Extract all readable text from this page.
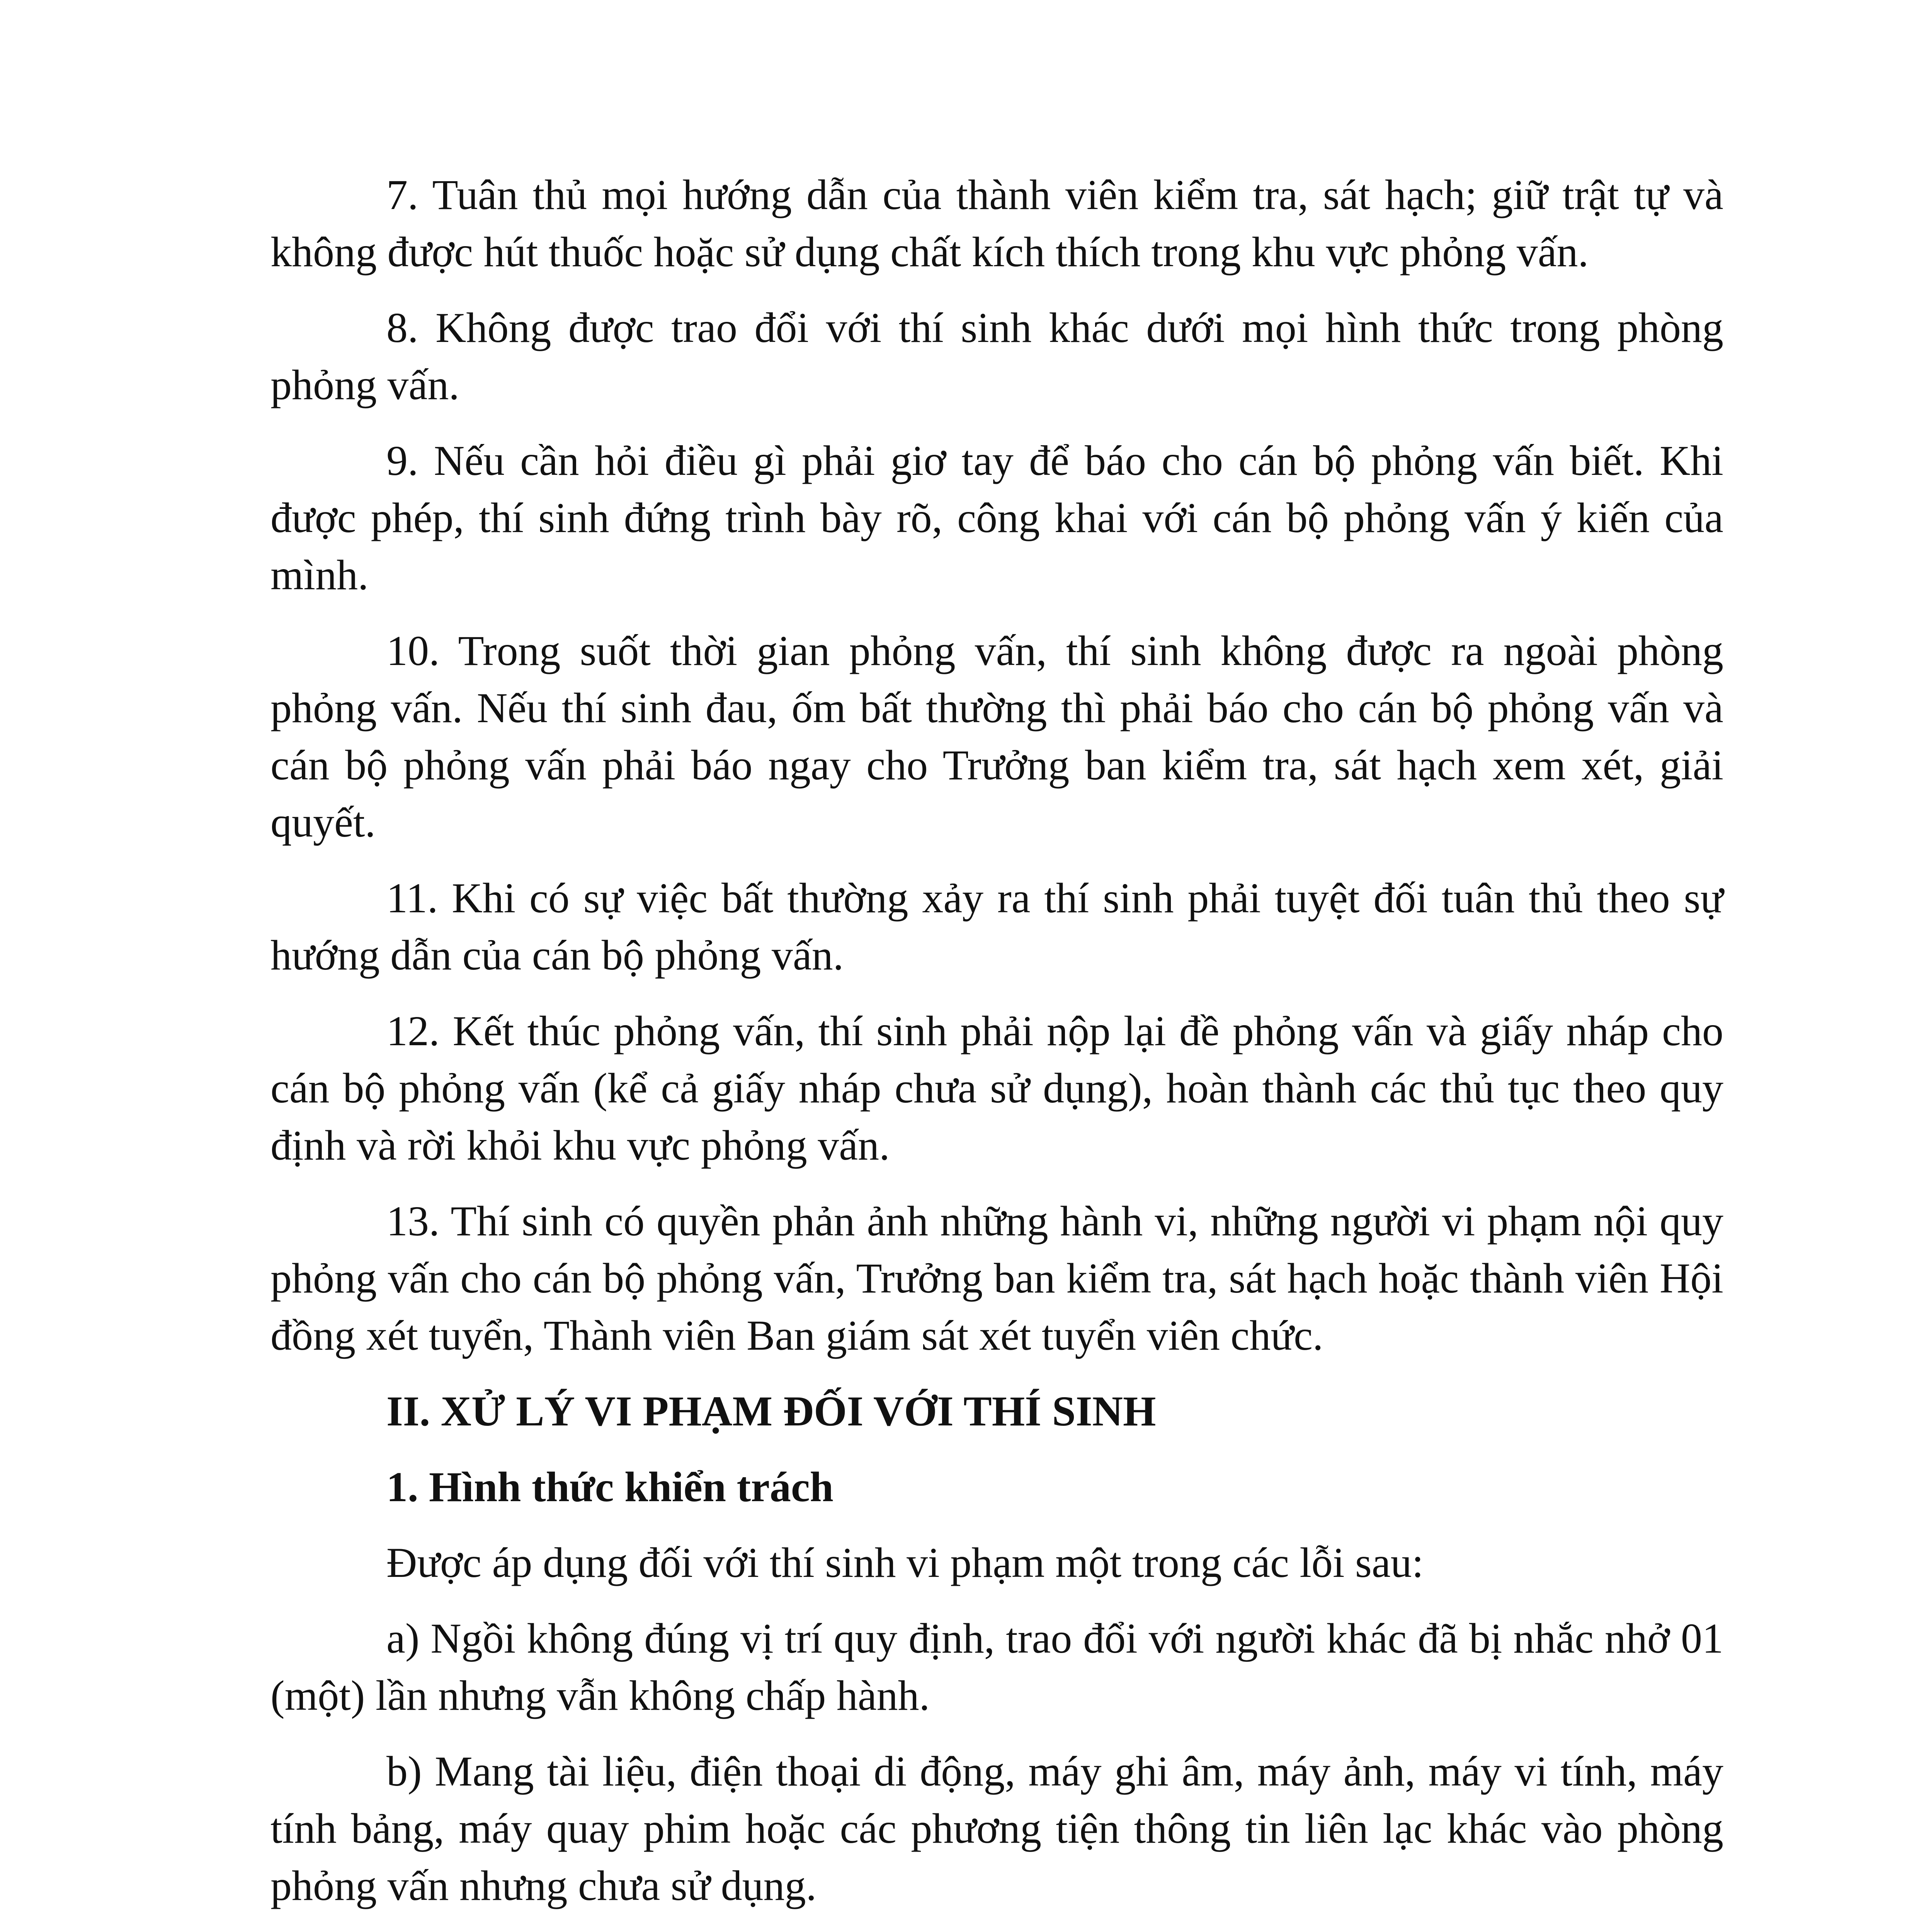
7. Tuân thủ mọi hướng dẫn của thành viên kiểm tra, sát hạch; giữ trật tự và không được hút thuốc hoặc sử dụng chất kích thích trong khu vực phỏng vấn.

8. Không được trao đổi với thí sinh khác dưới mọi hình thức trong phòng phỏng vấn.

9. Nếu cần hỏi điều gì phải giơ tay để báo cho cán bộ phỏng vấn biết. Khi được phép, thí sinh đứng trình bày rõ, công khai với cán bộ phỏng vấn ý kiến của mình.

10. Trong suốt thời gian phỏng vấn, thí sinh không được ra ngoài phòng phỏng vấn. Nếu thí sinh đau, ốm bất thường thì phải báo cho cán bộ phỏng vấn và cán bộ phỏng vấn phải báo ngay cho Trưởng ban kiểm tra, sát hạch xem xét, giải quyết.

11. Khi có sự việc bất thường xảy ra thí sinh phải tuyệt đối tuân thủ theo sự hướng dẫn của cán bộ phỏng vấn.

12. Kết thúc phỏng vấn, thí sinh phải nộp lại đề phỏng vấn và giấy nháp cho cán bộ phỏng vấn (kể cả giấy nháp chưa sử dụng), hoàn thành các thủ tục theo quy định và rời khỏi khu vực phỏng vấn.

13. Thí sinh có quyền phản ảnh những hành vi, những người vi phạm nội quy phỏng vấn cho cán bộ phỏng vấn, Trưởng ban kiểm tra, sát hạch hoặc thành viên Hội đồng xét tuyển, Thành viên Ban giám sát xét tuyển viên chức.

II. XỬ LÝ VI PHẠM ĐỐI VỚI THÍ SINH

1. Hình thức khiển trách

Được áp dụng đối với thí sinh vi phạm một trong các lỗi sau:

a) Ngồi không đúng vị trí quy định, trao đổi với người khác đã bị nhắc nhở 01 (một) lần nhưng vẫn không chấp hành.

b) Mang tài liệu, điện thoại di động, máy ghi âm, máy ảnh, máy vi tính, máy tính bảng, máy quay phim hoặc các phương tiện thông tin liên lạc khác vào phòng phỏng vấn nhưng chưa sử dụng.
